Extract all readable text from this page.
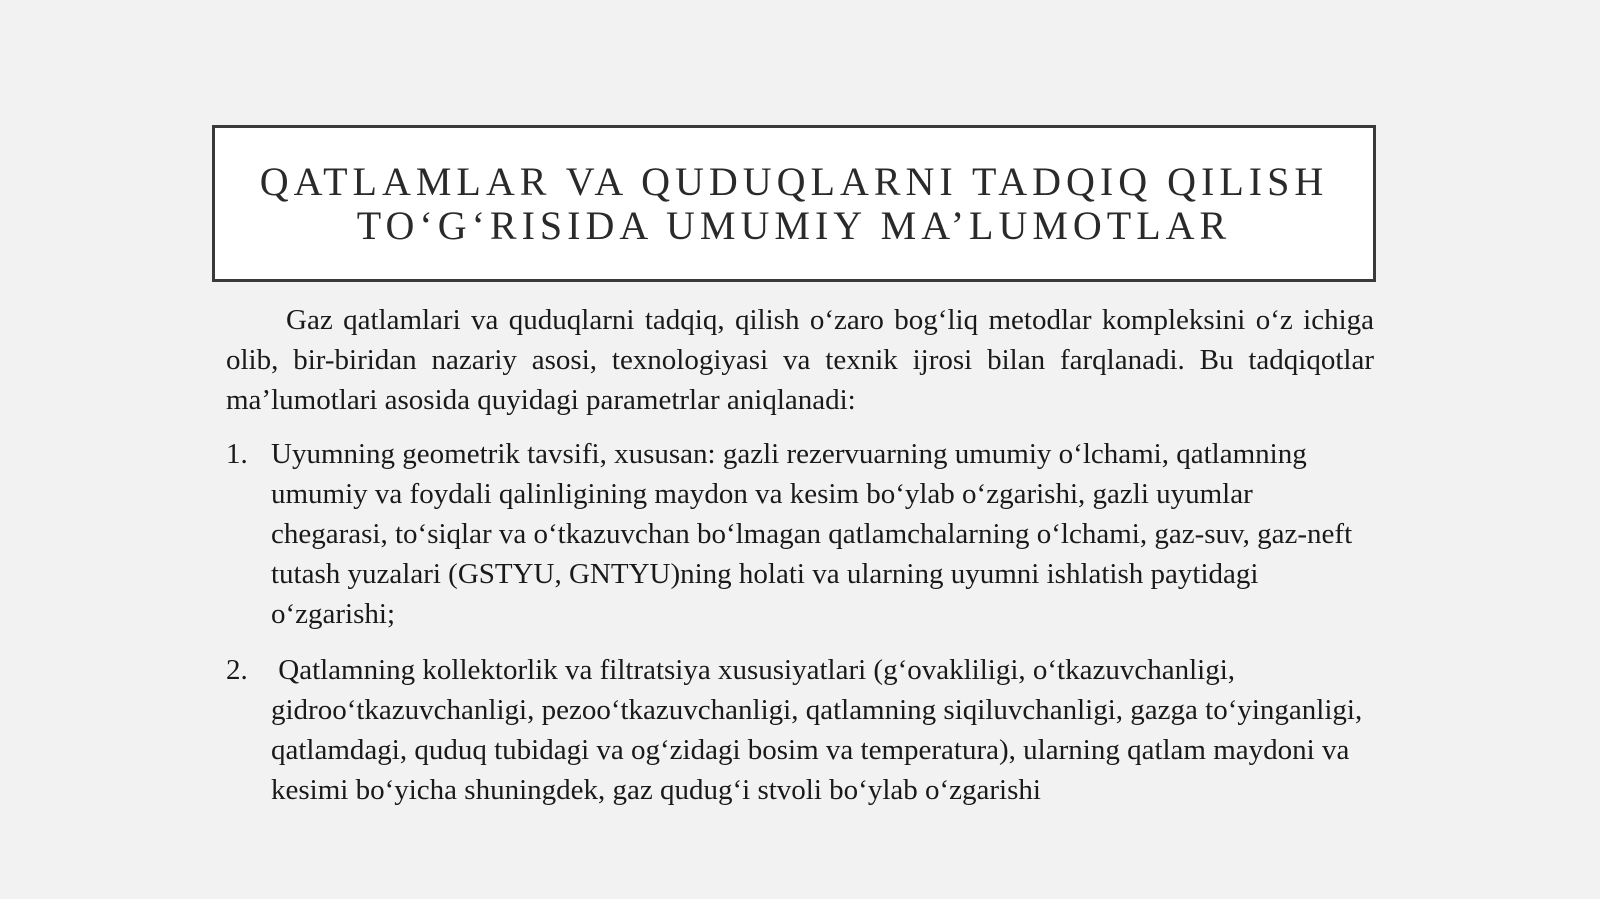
QATLAMLAR VA QUDUQLARNI TADQIQ QILISH
TO‘G‘RISIDA UMUMIY MA’LUMOTLAR

Gaz qatlamlari va quduqlarni tadqiq, qilish o‘zaro bog‘liq metodlar kompleksini o‘z ichiga olib, bir-biridan nazariy asosi, texnologiyasi va texnik ijrosi bilan farqlanadi. Bu tadqiqotlar ma’lumotlari asosida quyidagi parametrlar aniqlanadi:

1. Uyumning geometrik tavsifi, xususan: gazli rezervuarning umumiy o‘lchami, qatlamning umumiy va foydali qalinligining maydon va kesim bo‘ylab o‘zgarishi, gazli uyumlar chegarasi, to‘siqlar va o‘tkazuvchan bo‘lmagan qatlamchalarning o‘lchami, gaz-suv, gaz-neft tutash yuzalari (GSTYU, GNTYU)ning holati va ularning uyumni ishlatish paytidagi o‘zgarishi;
2. Qatlamning kollektorlik va filtratsiya xususiyatlari (g‘ovakliligi, o‘tkazuvchanligi, gidroo‘tkazuvchanligi, pezoo‘tkazuvchanligi, qatlamning siqiluvchanligi, gazga to‘yinganligi, qatlamdagi, quduq tubidagi va og‘zidagi bosim va temperatura), ularning qatlam maydoni va kesimi bo‘yicha shuningdek, gaz qudug‘i stvoli bo‘ylab o‘zgarishi
